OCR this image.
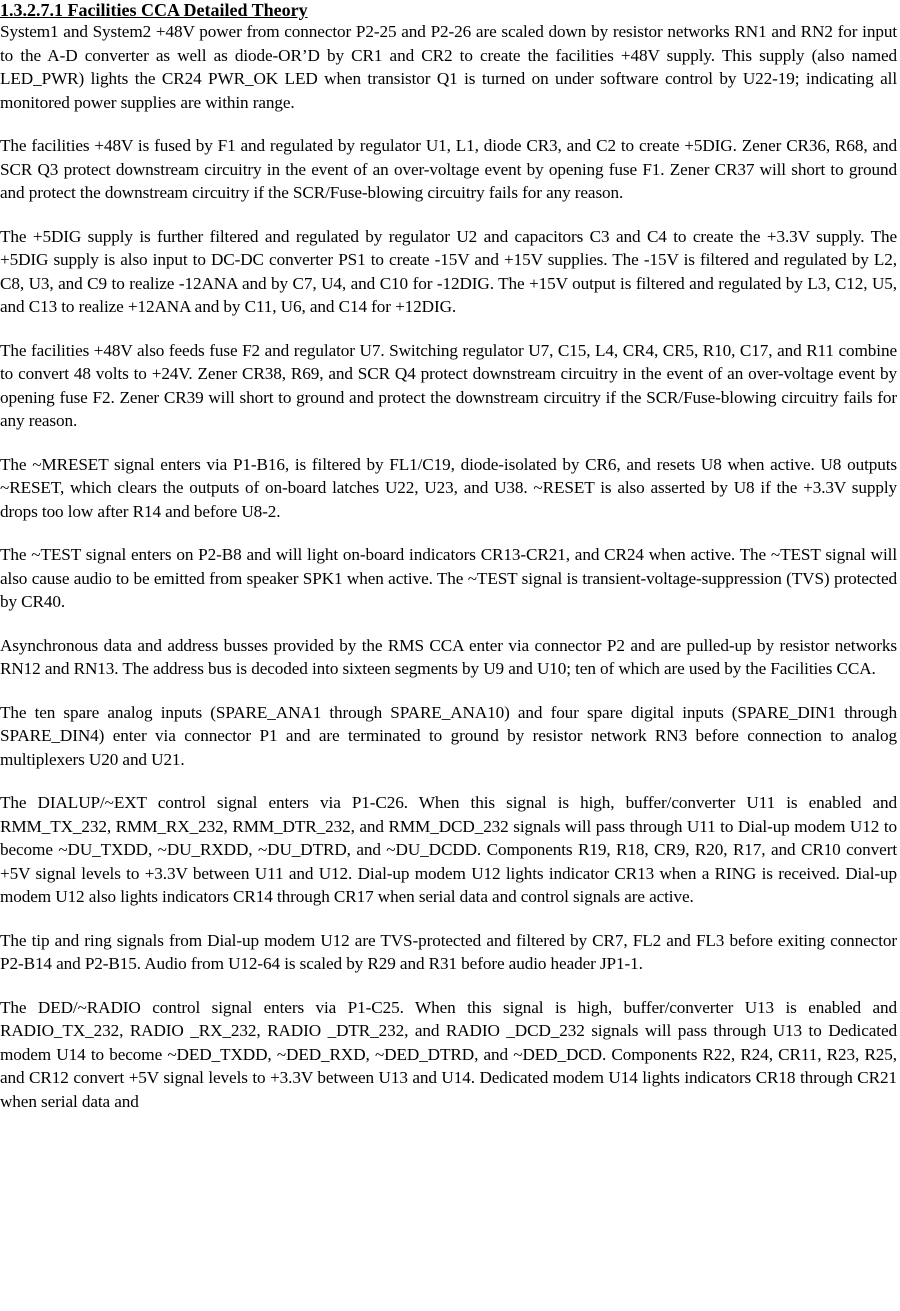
1.3.2.7.1 Facilities CCA Detailed Theory

System1 and System2 +48V power from connector P2-25 and P2-26 are scaled down by resistor networks RN1 and RN2 for input to the A-D converter as well as diode-OR’D by CR1 and CR2 to create the facilities +48V supply. This supply (also named LED_PWR) lights the CR24 PWR_OK LED when transistor Q1 is turned on under software control by U22-19; indicating all monitored power supplies are within range.

The facilities +48V is fused by F1 and regulated by regulator U1, L1, diode CR3, and C2 to create +5DIG. Zener CR36, R68, and SCR Q3 protect downstream circuitry in the event of an over-voltage event by opening fuse F1. Zener CR37 will short to ground and protect the downstream circuitry if the SCR/Fuse-blowing circuitry fails for any reason.

The +5DIG supply is further filtered and regulated by regulator U2 and capacitors C3 and C4 to create the +3.3V supply. The +5DIG supply is also input to DC-DC converter PS1 to create -15V and +15V supplies. The -15V is filtered and regulated by L2, C8, U3, and C9 to realize -12ANA and by C7, U4, and C10 for -12DIG. The +15V output is filtered and regulated by L3, C12, U5, and C13 to realize +12ANA and by C11, U6, and C14 for +12DIG.

The facilities +48V also feeds fuse F2 and regulator U7. Switching regulator U7, C15, L4, CR4, CR5, R10, C17, and R11 combine to convert 48 volts to +24V. Zener CR38, R69, and SCR Q4 protect downstream circuitry in the event of an over-voltage event by opening fuse F2. Zener CR39 will short to ground and protect the downstream circuitry if the SCR/Fuse-blowing circuitry fails for any reason.

The ~MRESET signal enters via P1-B16, is filtered by FL1/C19, diode-isolated by CR6, and resets U8 when active. U8 outputs ~RESET, which clears the outputs of on-board latches U22, U23, and U38. ~RESET is also asserted by U8 if the +3.3V supply drops too low after R14 and before U8-2.

The ~TEST signal enters on P2-B8 and will light on-board indicators CR13-CR21, and CR24 when active. The ~TEST signal will also cause audio to be emitted from speaker SPK1 when active. The ~TEST signal is transient-voltage-suppression (TVS) protected by CR40.

Asynchronous data and address busses provided by the RMS CCA enter via connector P2 and are pulled-up by resistor networks RN12 and RN13. The address bus is decoded into sixteen segments by U9 and U10; ten of which are used by the Facilities CCA.

The ten spare analog inputs (SPARE_ANA1 through SPARE_ANA10) and four spare digital inputs (SPARE_DIN1 through SPARE_DIN4) enter via connector P1 and are terminated to ground by resistor network RN3 before connection to analog multiplexers U20 and U21.

The DIALUP/~EXT control signal enters via P1-C26. When this signal is high, buffer/converter U11 is enabled and RMM_TX_232, RMM_RX_232, RMM_DTR_232, and RMM_DCD_232 signals will pass through U11 to Dial-up modem U12 to become ~DU_TXDD, ~DU_RXDD, ~DU_DTRD, and ~DU_DCDD. Components R19, R18, CR9, R20, R17, and CR10 convert +5V signal levels to +3.3V between U11 and U12. Dial-up modem U12 lights indicator CR13 when a RING is received. Dial-up modem U12 also lights indicators CR14 through CR17 when serial data and control signals are active.

The tip and ring signals from Dial-up modem U12 are TVS-protected and filtered by CR7, FL2 and FL3 before exiting connector P2-B14 and P2-B15. Audio from U12-64 is scaled by R29 and R31 before audio header JP1-1.

The DED/~RADIO control signal enters via P1-C25. When this signal is high, buffer/converter U13 is enabled and RADIO_TX_232, RADIO _RX_232, RADIO _DTR_232, and RADIO _DCD_232 signals will pass through U13 to Dedicated modem U14 to become ~DED_TXDD, ~DED_RXD, ~DED_DTRD, and ~DED_DCD. Components R22, R24, CR11, R23, R25, and CR12 convert +5V signal levels to +3.3V between U13 and U14. Dedicated modem U14 lights indicators CR18 through CR21 when serial data and
